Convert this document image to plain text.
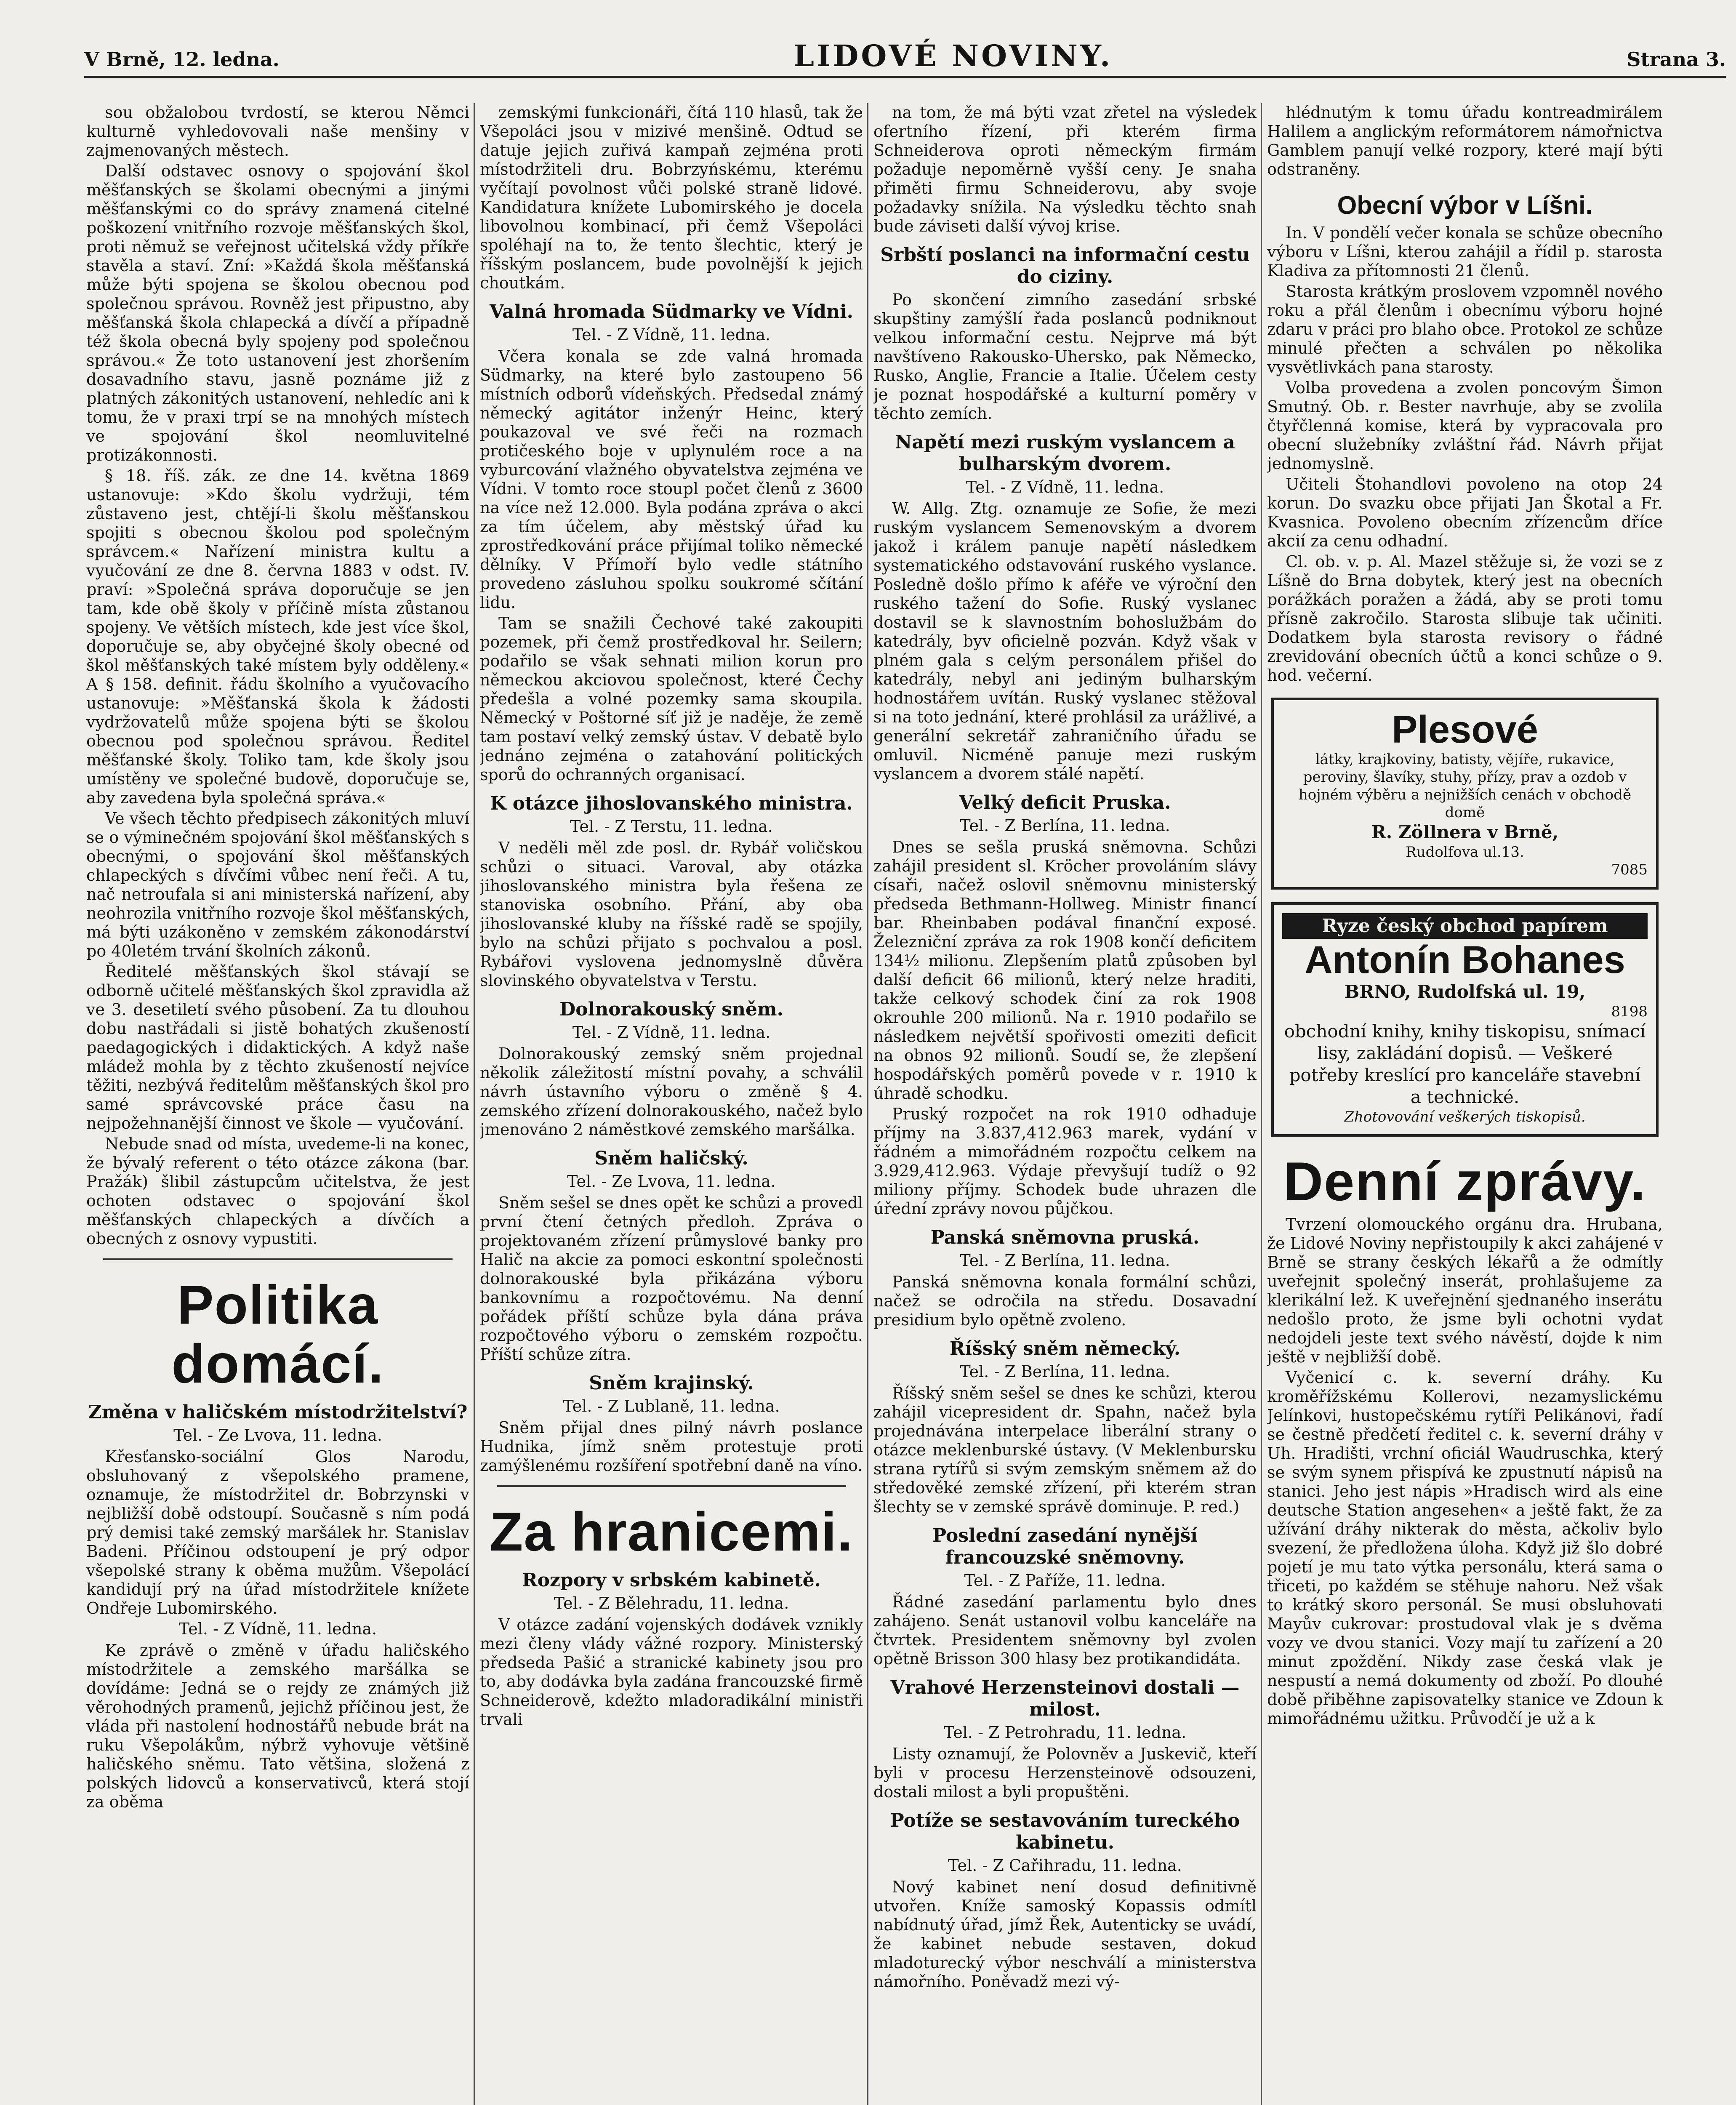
V Brně, 12. ledna.	LIDOVÉ NOVINY.	Strana 3.

sou obžalobou tvrdostí, se kterou Němci kulturně vyhledovovali naše menšiny v zajmenovaných městech.

Další odstavec osnovy o spojování škol měšťanských se školami obecnými a jinými měšťanskými co do správy znamená citelné poškození vnitřního rozvoje měšťanských škol, proti němuž se veřejnost učitelská vždy příkře stavěla a staví. Zní: »Každá škola měšťanská může býti spojena se školou obecnou pod společnou správou. Rovněž jest připustno, aby měšťanská škola chlapecká a dívčí a případně též škola obecná byly spojeny pod společnou správou.« Že toto ustanovení jest zhoršením dosavadního stavu, jasně poznáme již z platných zákonitých ustanovení, nehledíc ani k tomu, že v praxi trpí se na mnohých místech ve spojování škol neomluvitelné protizákonnosti.

§ 18. říš. zák. ze dne 14. května 1869 ustanovuje: »Kdo školu vydržuji, tém zůstaveno jest, chtějí-li školu měšťanskou spojiti s obecnou školou pod společným správcem.« Nařízení ministra kultu a vyučování ze dne 8. června 1883 v odst. IV. praví: »Společná správa doporučuje se jen tam, kde obě školy v příčině místa zůstanou spojeny. Ve větších místech, kde jest více škol, doporučuje se, aby obyčejné školy obecné od škol měšťanských také místem byly odděleny.« A § 158. definit. řádu školního a vyučovacího ustanovuje: »Měšťanská škola k žádosti vydržovatelů může spojena býti se školou obecnou pod společnou správou. Ředitel měšťanské školy. Toliko tam, kde školy jsou umístěny ve společné budově, doporučuje se, aby zavedena byla společná správa.«

Ve všech těchto předpisech zákonitých mluví se o výminečném spojování škol měšťanských s obecnými, o spojování škol měšťanských chlapeckých s dívčími vůbec není řeči. A tu, nač netroufala si ani ministerská nařízení, aby neohrozila vnitřního rozvoje škol měšťanských, má býti uzákoněno v zemském zákonodárství po 40letém trvání školních zákonů.

Ředitelé měšťanských škol stávají se odborně učitelé měšťanských škol zpravidla až ve 3. desetiletí svého působení. Za tu dlouhou dobu nastřádali si jistě bohatých zkušeností paedagogických i didaktických. A když naše mládež mohla by z těchto zkušeností nejvíce těžiti, nezbývá ředitelům měšťanských škol pro samé správcovské práce času na nejpožehnanější činnost ve škole — vyučování.

Nebude snad od místa, uvedeme-li na konec, že bývalý referent o této otázce zákona (bar. Pražák) šlibil zástupcům učitelstva, že jest ochoten odstavec o spojování škol měšťanských chlapeckých a dívčích a obecných z osnovy vypustiti.

Politika domácí.
Změna v haličském místodržitelství?

Tel. - Ze Lvova, 11. ledna.

Křesťansko-sociální Glos Narodu, obsluhovaný z všepolského pramene, oznamuje, že místodržitel dr. Bobrzynski v nejbližší době odstoupí. Současně s ním podá prý demisi také zemský maršálek hr. Stanislav Badeni. Příčinou odstoupení je prý odpor všepolské strany k oběma mužům. Všepolácí kandidují prý na úřad místodržitele knížete Ondřeje Lubomirského.

Tel. - Z Vídně, 11. ledna.

Ke zprávě o změně v úřadu haličského místodržitele a zemského maršálka se dovídáme: Jedná se o rejdy ze známých již věrohodných pramenů, jejichž příčinou jest, že vláda při nastolení hodnostářů nebude brát na ruku Všepolákům, nýbrž vyhovuje většině haličského sněmu. Tato většina, složená z polských lidovců a konservativců, která stojí za oběma

zemskými funkcionáři, čítá 110 hlasů, tak že Všepoláci jsou v mizivé menšině. Odtud se datuje jejich zuřivá kampaň zejména proti místodržiteli dru. Bobrzyńskému, kterému vyčítají povolnost vůči polské straně lidové. Kandidatura knížete Lubomirského je docela libovolnou kombinací, při čemž Všepoláci spoléhají na to, že tento šlechtic, který je říšským poslancem, bude povolnější k jejich choutkám.

Valná hromada Südmarky ve Vídni.

Tel. - Z Vídně, 11. ledna.

Včera konala se zde valná hromada Südmarky, na které bylo zastoupeno 56 místních odborů vídeňských. Předsedal známý německý agitátor inženýr Heinc, který poukazoval ve své řeči na rozmach protičeského boje v uplynulém roce a na vyburcování vlažného obyvatelstva zejména ve Vídni. V tomto roce stoupl počet členů z 3600 na více než 12.000. Byla podána zpráva o akci za tím účelem, aby městský úřad ku zprostředkování práce přijímal toliko německé dělníky. V Přímoří bylo vedle státního provedeno zásluhou spolku soukromé sčítání lidu.

Tam se snažili Čechové také zakoupiti pozemek, při čemž prostředkoval hr. Seilern; podařilo se však sehnati milion korun pro německou akciovou společnost, které Čechy předešla a volné pozemky sama skoupila. Německý v Poštorné síť již je naděje, že země tam postaví velký zemský ústav. V debatě bylo jednáno zejména o zatahování politických sporů do ochranných organisací.

K otázce jihoslovanského ministra.

Tel. - Z Terstu, 11. ledna.

V neděli měl zde posl. dr. Rybář voličskou schůzi o situaci. Varoval, aby otázka jihoslovanského ministra byla řešena ze stanoviska osobního. Přání, aby oba jihoslovanské kluby na říšské radě se spojily, bylo na schůzi přijato s pochvalou a posl. Rybářovi vyslovena jednomyslně důvěra slovinského obyvatelstva v Terstu.

Dolnorakouský sněm.

Tel. - Z Vídně, 11. ledna.

Dolnorakouský zemský sněm projednal několik záležitostí místní povahy, a schválil návrh ústavního výboru o změně § 4. zemského zřízení dolnorakouského, načež bylo jmenováno 2 náměstkové zemského maršálka.

Sněm haličský.

Tel. - Ze Lvova, 11. ledna.

Sněm sešel se dnes opět ke schůzi a provedl první čtení četných předloh. Zpráva o projektovaném zřízení průmyslové banky pro Halič na akcie za pomoci eskontní společnosti dolnorakouské byla přikázána výboru bankovnímu a rozpočtovému. Na denní pořádek příští schůze byla dána práva rozpočtového výboru o zemském rozpočtu. Příští schůze zítra.

Sněm krajinský.

Tel. - Z Lublaně, 11. ledna.

Sněm přijal dnes pilný návrh poslance Hudnika, jímž sněm protestuje proti zamýšlenému rozšíření spotřební daně na víno.

Za hranicemi.
Rozpory v srbském kabinetě.

Tel. - Z Bělehradu, 11. ledna.

V otázce zadání vojenských dodávek vznikly mezi členy vlády vážné rozpory. Ministerský předseda Pašić a stranické kabinety jsou pro to, aby dodávka byla zadána francouzské firmě Schneiderově, kdežto mladoradikální ministři trvali

na tom, že má býti vzat zřetel na výsledek ofertního řízení, při kterém firma Schneiderova oproti německým firmám požaduje nepoměrně vyšší ceny. Je snaha přiměti firmu Schneiderovu, aby svoje požadavky snížila. Na výsledku těchto snah bude záviseti další vývoj krise.

Srbští poslanci na informační cestu do ciziny.

Po skončení zimního zasedání srbské skupštiny zamýšlí řada poslanců podniknout velkou informační cestu. Nejprve má být navštíveno Rakousko-Uhersko, pak Německo, Rusko, Anglie, Francie a Italie. Účelem cesty je poznat hospodářské a kulturní poměry v těchto zemích.

Napětí mezi ruským vyslancem a bulharským dvorem.

Tel. - Z Vídně, 11. ledna.

W. Allg. Ztg. oznamuje ze Sofie, že mezi ruským vyslancem Semenovským a dvorem jakož i králem panuje napětí následkem systematického odstavování ruského vyslance. Posledně došlo přímo k aféře ve výroční den ruského tažení do Sofie. Ruský vyslanec dostavil se k slavnostním bohoslužbám do katedrály, byv oficielně pozván. Když však v plném gala s celým personálem přišel do katedrály, nebyl ani jediným bulharským hodnostářem uvítán. Ruský vyslanec stěžoval si na toto jednání, které prohlásil za urážlivé, a generální sekretář zahraničního úřadu se omluvil. Nicméně panuje mezi ruským vyslancem a dvorem stálé napětí.

Velký deficit Pruska.

Tel. - Z Berlína, 11. ledna.

Dnes se sešla pruská sněmovna. Schůzi zahájil president sl. Kröcher provoláním slávy císaři, načež oslovil sněmovnu ministerský předseda Bethmann-Hollweg. Ministr financí bar. Rheinbaben podával finanční exposé. Železniční zpráva za rok 1908 končí deficitem 134½ milionu. Zlepšením platů způsoben byl další deficit 66 milionů, který nelze hraditi, takže celkový schodek činí za rok 1908 okrouhle 200 milionů. Na r. 1910 podařilo se následkem největší spořivosti omeziti deficit na obnos 92 milionů. Soudí se, že zlepšení hospodářských poměrů povede v r. 1910 k úhradě schodku.

Pruský rozpočet na rok 1910 odhaduje příjmy na 3.837,412.963 marek, vydání v řádném a mimořádném rozpočtu celkem na 3.929,412.963. Výdaje převyšují tudíž o 92 miliony příjmy. Schodek bude uhrazen dle úřední zprávy novou půjčkou.

Panská sněmovna pruská.

Tel. - Z Berlína, 11. ledna.

Panská sněmovna konala formální schůzi, načež se odročila na středu. Dosavadní presidium bylo opětně zvoleno.

Říšský sněm německý.

Tel. - Z Berlína, 11. ledna.

Říšský sněm sešel se dnes ke schůzi, kterou zahájil vicepresident dr. Spahn, načež byla projednávána interpelace liberální strany o otázce meklenburské ústavy. (V Meklenbursku strana rytířů si svým zemským sněmem až do středověké zemské zřízení, při kterém stran šlechty se v zemské správě dominuje. P. red.)

Poslední zasedání nynější francouzské sněmovny.

Tel. - Z Paříže, 11. ledna.

Řádné zasedání parlamentu bylo dnes zahájeno. Senát ustanovil volbu kanceláře na čtvrtek. Presidentem sněmovny byl zvolen opětně Brisson 300 hlasy bez protikandidáta.

Vrahové Herzensteinovi dostali — milost.

Tel. - Z Petrohradu, 11. ledna.

Listy oznamují, že Polovněv a Juskevič, kteří byli v procesu Herzensteinově odsouzeni, dostali milost a byli propuštěni.

Potíže se sestavováním tureckého kabinetu.

Tel. - Z Cařihradu, 11. ledna.

Nový kabinet není dosud definitivně utvořen. Kníže samoský Kopassis odmítl nabídnutý úřad, jímž Řek, Autenticky se uvádí, že kabinet nebude sestaven, dokud mladoturecký výbor neschválí a ministerstva námořního. Poněvadž mezi vý-

hlédnutým k tomu úřadu kontreadmirálem Halilem a anglickým reformátorem námořnictva Gamblem panují velké rozpory, které mají býti odstraněny.

Obecní výbor v Líšni.

In. V pondělí večer konala se schůze obecního výboru v Líšni, kterou zahájil a řídil p. starosta Kladiva za přítomnosti 21 členů.

Starosta krátkým proslovem vzpomněl nového roku a přál členům i obecnímu výboru hojné zdaru v práci pro blaho obce. Protokol ze schůze minulé přečten a schválen po několika vysvětlivkách pana starosty.

Volba provedena a zvolen poncovým Šimon Smutný. Ob. r. Bester navrhuje, aby se zvolila čtyřčlenná komise, která by vypracovala pro obecní služebníky zvláštní řád. Návrh přijat jednomyslně.

Učiteli Štohandlovi povoleno na otop 24 korun. Do svazku obce přijati Jan Škotal a Fr. Kvasnica. Povoleno obecním zřízencům dříce akcií za cenu odhadní.

Cl. ob. v. p. Al. Mazel stěžuje si, že vozi se z Líšně do Brna dobytek, který jest na obecních porážkách poražen a žádá, aby se proti tomu přísně zakročilo. Starosta slibuje tak učiniti. Dodatkem byla starosta revisory o řádné zrevidování obecních účtů a konci schůze o 9. hod. večerní.

Plesové
látky, krajkoviny, batisty, vějíře, rukavice, peroviny, šlavíky, stuhy, přízy, prav a ozdob v hojném výběru a nejnižších cenách v obchodě domě
R. Zöllnera v Brně,
Rudolfova ul.13.
7085
Ryze český obchod papírem
Antonín Bohanes
BRNO, Rudolfská ul. 19,
8198
obchodní knihy, knihy tiskopisu, snímací lisy, zakládání dopisů. — Veškeré potřeby kreslící pro kanceláře stavební a technické.
Zhotovování veškerých tiskopisů.
Denní zprávy.

Tvrzení olomouckého orgánu dra. Hrubana, že Lidové Noviny nepřistoupily k akci zahájené v Brně se strany českých lékařů a že odmítly uveřejnit společný inserát, prohlašujeme za klerikální lež. K uveřejnění sjednaného inserátu nedošlo proto, že jsme byli ochotni vydat nedojdeli jeste text svého návěstí, dojde k nim ještě v nejbližší době.

Vyčenicí c. k. severní dráhy. Ku kroměřížskému Kollerovi, nezamyslickému Jelínkovi, hustopečskému rytíři Pelikánovi, řadí se čestně předčetí ředitel c. k. severní dráhy v Uh. Hradišti, vrchní oficiál Waudruschka, který se svým synem přispívá ke zpustnutí nápisů na stanici. Jeho jest nápis »Hradisch wird als eine deutsche Station angesehen« a ještě fakt, že za užívání dráhy nikterak do města, ačkoliv bylo svezení, že předložena úloha. Když již šlo dobré pojetí je mu tato výtka personálu, která sama o třiceti, po každém se stěhuje nahoru. Než však to krátký skoro personál. Se musi obsluhovati Mayův cukrovar: prostudoval vlak je s dvěma vozy ve dvou stanici. Vozy mají tu zařízení a 20 minut zpoždění. Nikdy zase česká vlak je nespustí a nemá dokumenty od zboží. Po dlouhé době přiběhne zapisovatelky stanice ve Zdoun k mimořádnému užitku. Průvodčí je už a k
